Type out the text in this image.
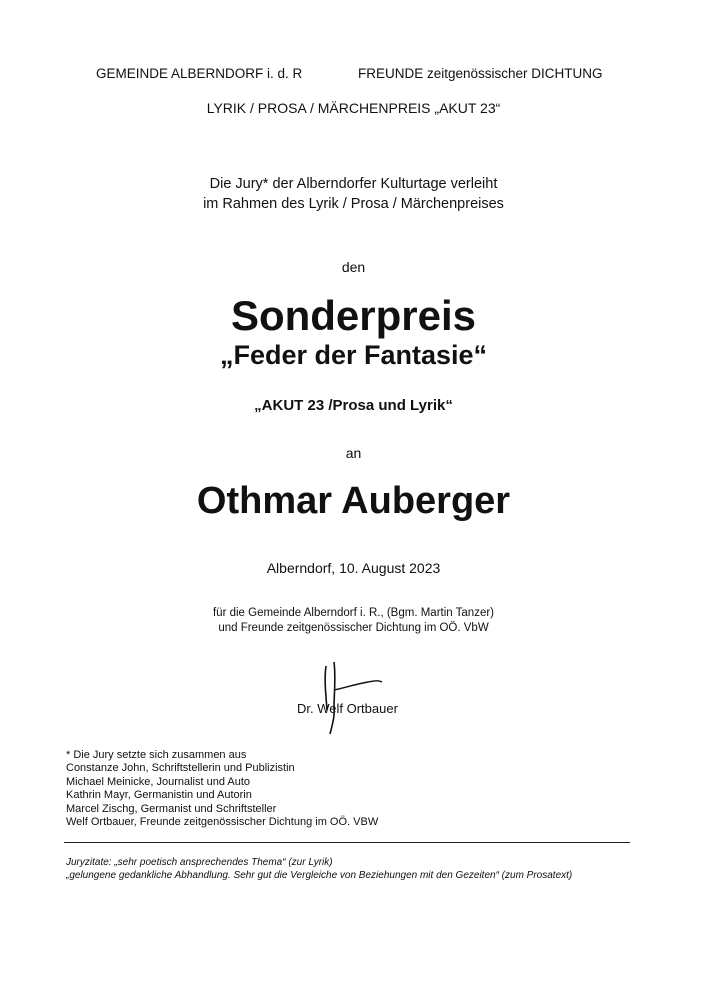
GEMEINDE ALBERNDORF i. d. R	FREUNDE zeitgenössischer DICHTUNG
LYRIK / PROSA / MÄRCHENPREIS „AKUT 23“
Die Jury* der Alberndorfer Kulturtage verleiht
im Rahmen des Lyrik / Prosa / Märchenpreises
den
Sonderpreis
„Feder der Fantasie“
„AKUT 23 /Prosa und Lyrik“
an
Othmar Auberger
Alberndorf, 10. August 2023
für die Gemeinde Alberndorf i. R., (Bgm. Martin Tanzer)
und Freunde zeitgenössischer Dichtung im OÖ. VbW
Dr. Welf Ortbauer
* Die Jury setzte sich zusammen aus
Constanze John, Schriftstellerin und Publizistin
Michael Meinicke, Journalist und Auto
Kathrin Mayr, Germanistin und Autorin
Marcel Zischg, Germanist und Schriftsteller
Welf Ortbauer, Freunde zeitgenössischer Dichtung im OÖ. VBW
Juryzitate: „sehr poetisch ansprechendes Thema“ (zur Lyrik)
„gelungene gedankliche Abhandlung. Sehr gut die Vergleiche von Beziehungen mit den Gezeiten“ (zum Prosatext)
